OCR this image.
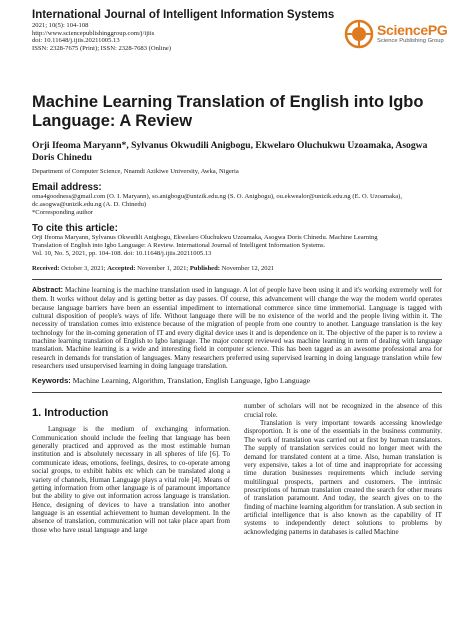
International Journal of Intelligent Information Systems
2021; 10(5): 104-108
http://www.sciencepublishinggroup.com/j/ijiis
doi: 10.11648/j.ijiis.20211005.13
ISSN: 2328-7675 (Print); ISSN: 2328-7683 (Online)
SciencePG
Science Publishing Group
Machine Learning Translation of English into Igbo Language: A Review
Orji Ifeoma Maryann*, Sylvanus Okwudili Anigbogu, Ekwelaro Oluchukwu Uzoamaka, Asogwa Doris Chinedu
Department of Computer Science, Nnamdi Azikiwe University, Awka, Nigeria
Email address:
oma4goodness@gmail.com (O. I. Maryann), so.anigbogu@unizik.edu.ng (S. O. Anigbogu), ou.ekwealor@unizik.edu.ng (E. O. Uzoamaka),
dc.asogwa@unizik.edu.ng (A. D. Chinedu)
*Corresponding author
To cite this article:
Orji Ifeoma Maryann, Sylvanus Okwudili Anigbogu, Ekwelaro Oluchukwu Uzoamaka, Asogwa Doris Chinedu. Machine Learning
Translation of English into Igbo Language: A Review. International Journal of Intelligent Information Systems.
Vol. 10, No. 5, 2021, pp. 104-108. doi: 10.11648/j.ijiis.20211005.13
Received: October 3, 2021; Accepted: November 1, 2021; Published: November 12, 2021
Abstract: Machine learning is the machine translation used in language. A lot of people have been using it and it's working extremely well for them. It works without delay and is getting better as day passes. Of course, this advancement will change the way the modern world operates because language barriers have been an essential impediment to international commerce since time immemorial. Language is tagged with cultural disposition of people's ways of life. Without language there will be no existence of the world and the people living within it. The necessity of translation comes into existence because of the migration of people from one country to another. Language translation is the key technology for the in-coming generation of IT and every digital device uses it and is dependence on it. The objective of the paper is to review a machine learning translation of English to Igbo language. The major concept reviewed was machine learning in term of dealing with language translation. Machine learning is a wide and interesting field in computer science. This has been tagged as an awesome professional area for research in demands for translation of languages. Many researchers preferred using supervised learning in doing language translation while few researchers used unsupervised learning in doing language translation.
Keywords: Machine Learning, Algorithm, Translation, English Language, Igbo Language
1. Introduction

Language is the medium of exchanging information. Communication should include the feeling that language has been generally practiced and approved as the most estimable human institution and is absolutely necessary in all spheres of life [6]. To communicate ideas, emotions, feelings, desires, to co-operate among social groups, to exhibit habits etc which can be translated along a variety of channels, Human Language plays a vital role [4]. Means of getting information from other language is of paramount importance but the ability to give out information across language is translation. Hence, designing of devices to have a translation into another language is an essential achievement to human development. In the absence of translation, communication will not take place apart from those who have usual language and large

number of scholars will not be recognized in the absence of this crucial role.

Translation is very important towards accessing knowledge disproportion. It is one of the essentials in the business community. The work of translation was carried out at first by human translators. The supply of translation services could no longer meet with the demand for translated content at a time. Also, human translation is very expensive, takes a lot of time and inappropriate for accessing time duration businesses requirements which include serving multilingual prospects, partners and customers. The intrinsic prescriptions of human translation created the search for other means of translation paramount. And today, the search gives on to the finding of machine learning algorithm for translation. A sub section in artificial intelligence that is also known as the capability of IT systems to independently detect solutions to problems by acknowledging patterns in databases is called Machine
